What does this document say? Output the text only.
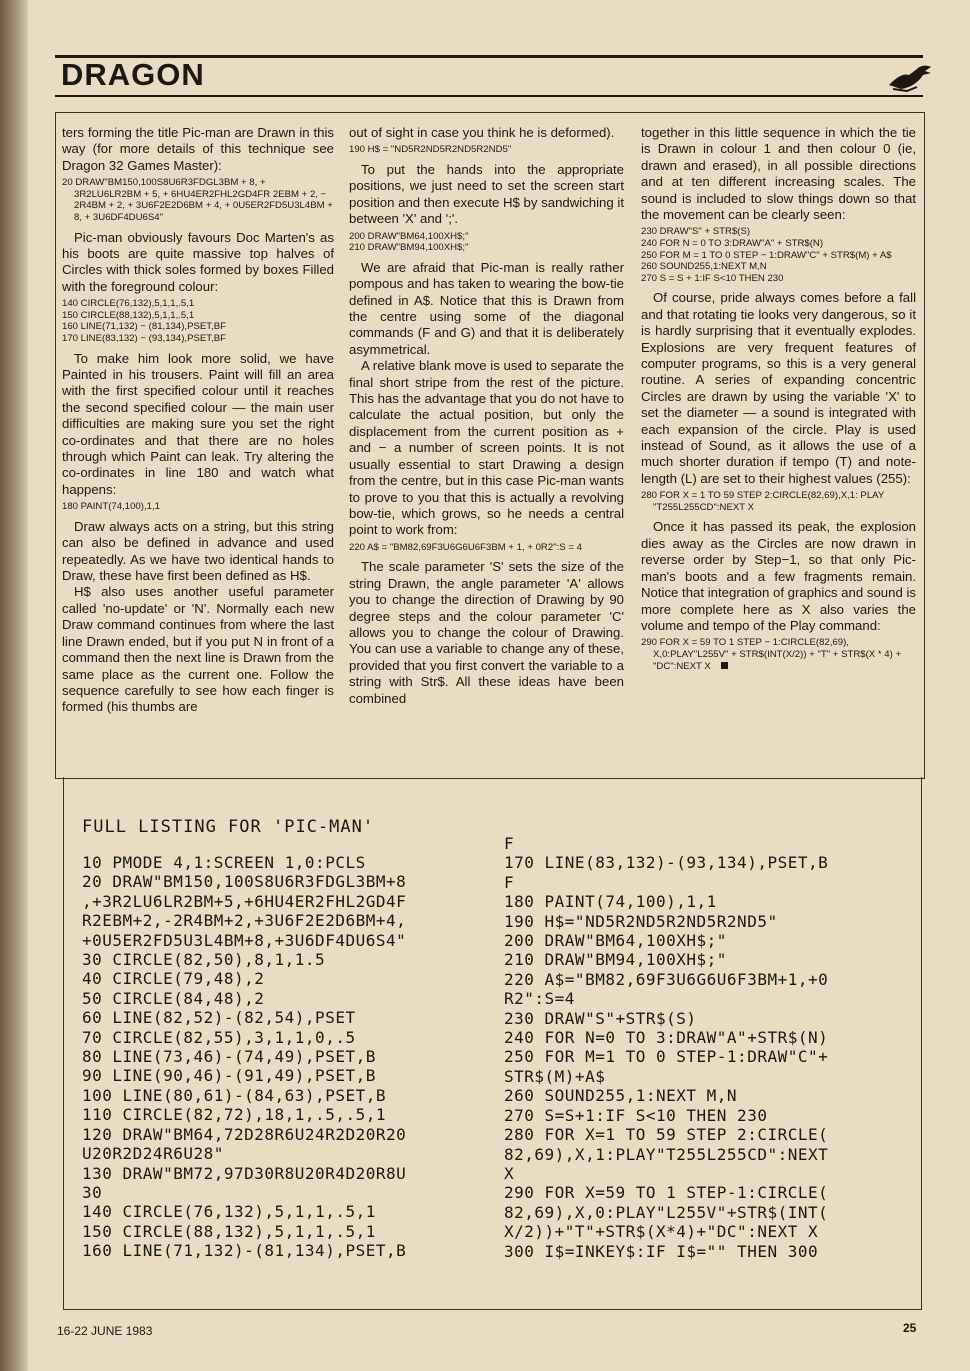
DRAGON

ters forming the title Pic-man are Drawn in this way (for more details of this technique see Dragon 32 Games Master):

20 DRAW"BM150,100S8U6R3FDGL3BM + 8, + 3R2LU6LR2BM + 5, + 6HU4ER2FHL2GD4FR 2EBM + 2, − 2R4BM + 2, + 3U6F2E2D6BM + 4, + 0U5ER2FD5U3L4BM + 8, + 3U6DF4DU6S4"

Pic-man obviously favours Doc Marten's as his boots are quite massive top halves of Circles with thick soles formed by boxes Filled with the foreground colour:

140 CIRCLE(76,132),5,1,1,.5,1
150 CIRCLE(88,132),5,1,1,.5,1
160 LINE(71,132) − (81,134),PSET,BF
170 LINE(83,132) − (93,134),PSET,BF

To make him look more solid, we have Painted in his trousers. Paint will fill an area with the first specified colour until it reaches the second specified colour — the main user difficulties are making sure you set the right co-ordinates and that there are no holes through which Paint can leak. Try altering the co-ordinates in line 180 and watch what happens:

180 PAINT(74,100),1,1

Draw always acts on a string, but this string can also be defined in advance and used repeatedly. As we have two identical hands to Draw, these have first been defined as H$.

H$ also uses another useful parameter called 'no-update' or 'N'. Normally each new Draw command continues from where the last line Drawn ended, but if you put N in front of a command then the next line is Drawn from the same place as the current one. Follow the sequence carefully to see how each finger is formed (his thumbs are

out of sight in case you think he is deformed).

190 H$ = "ND5R2ND5R2ND5R2ND5"

To put the hands into the appropriate positions, we just need to set the screen start position and then execute H$ by sandwiching it between 'X' and ';'.

200 DRAW"BM64,100XH$;"
210 DRAW"BM94,100XH$;"

We are afraid that Pic-man is really rather pompous and has taken to wearing the bow-tie defined in A$. Notice that this is Drawn from the centre using some of the diagonal commands (F and G) and that it is deliberately asymmetrical.

A relative blank move is used to separate the final short stripe from the rest of the picture. This has the advantage that you do not have to calculate the actual position, but only the displacement from the current position as + and − a number of screen points. It is not usually essential to start Drawing a design from the centre, but in this case Pic-man wants to prove to you that this is actually a revolving bow-tie, which grows, so he needs a central point to work from:

220 A$ = "BM82,69F3U6G6U6F3BM + 1, + 0R2":S = 4

The scale parameter 'S' sets the size of the string Drawn, the angle parameter 'A' allows you to change the direction of Drawing by 90 degree steps and the colour parameter 'C' allows you to change the colour of Drawing. You can use a variable to change any of these, provided that you first convert the variable to a string with Str$. All these ideas have been combined

together in this little sequence in which the tie is Drawn in colour 1 and then colour 0 (ie, drawn and erased), in all possible directions and at ten different increasing scales. The sound is included to slow things down so that the movement can be clearly seen:

230 DRAW"S" + STR$(S)
240 FOR N = 0 TO 3:DRAW"A" + STR$(N)
250 FOR M = 1 TO 0 STEP − 1:DRAW"C" + STR$(M) + A$
260 SOUND255,1:NEXT M,N
270 S = S + 1:IF S<10 THEN 230

Of course, pride always comes before a fall and that rotating tie looks very dangerous, so it is hardly surprising that it eventually explodes. Explosions are very frequent features of computer programs, so this is a very general routine. A series of expanding concentric Circles are drawn by using the variable 'X' to set the diameter — a sound is integrated with each expansion of the circle. Play is used instead of Sound, as it allows the use of a much shorter duration if tempo (T) and note-length (L) are set to their highest values (255):

280 FOR X = 1 TO 59 STEP 2:CIRCLE(82,69),X,1: PLAY "T255L255CD":NEXT X

Once it has passed its peak, the explosion dies away as the Circles are now drawn in reverse order by Step−1, so that only Pic-man's boots and a few fragments remain. Notice that integration of graphics and sound is more complete here as X also varies the volume and tempo of the Play command:

290 FOR X = 59 TO 1 STEP − 1:CIRCLE(82,69), X,0:PLAY"L255V" + STR$(INT(X/2)) + "T" + STR$(X * 4) + "DC":NEXT X
FULL LISTING FOR 'PIC-MAN'
10 PMODE 4,1:SCREEN 1,0:PCLS
20 DRAW"BM150,100S8U6R3FDGL3BM+8
,+3R2LU6LR2BM+5,+6HU4ER2FHL2GD4F
R2EBM+2,-2R4BM+2,+3U6F2E2D6BM+4,
+0U5ER2FD5U3L4BM+8,+3U6DF4DU6S4"
30 CIRCLE(82,50),8,1,1.5
40 CIRCLE(79,48),2
50 CIRCLE(84,48),2
60 LINE(82,52)-(82,54),PSET
70 CIRCLE(82,55),3,1,1,0,.5
80 LINE(73,46)-(74,49),PSET,B
90 LINE(90,46)-(91,49),PSET,B
100 LINE(80,61)-(84,63),PSET,B
110 CIRCLE(82,72),18,1,.5,.5,1
120 DRAW"BM64,72D28R6U24R2D20R20
U20R2D24R6U28"
130 DRAW"BM72,97D30R8U20R4D20R8U
30
140 CIRCLE(76,132),5,1,1,.5,1
150 CIRCLE(88,132),5,1,1,.5,1
160 LINE(71,132)-(81,134),PSET,B
F
170 LINE(83,132)-(93,134),PSET,B
F
180 PAINT(74,100),1,1
190 H$="ND5R2ND5R2ND5R2ND5"
200 DRAW"BM64,100XH$;"
210 DRAW"BM94,100XH$;"
220 A$="BM82,69F3U6G6U6F3BM+1,+0
R2":S=4
230 DRAW"S"+STR$(S)
240 FOR N=0 TO 3:DRAW"A"+STR$(N)
250 FOR M=1 TO 0 STEP-1:DRAW"C"+
STR$(M)+A$
260 SOUND255,1:NEXT M,N
270 S=S+1:IF S<10 THEN 230
280 FOR X=1 TO 59 STEP 2:CIRCLE(
82,69),X,1:PLAY"T255L255CD":NEXT
X
290 FOR X=59 TO 1 STEP-1:CIRCLE(
82,69),X,0:PLAY"L255V"+STR$(INT(
X/2))+"T"+STR$(X*4)+"DC":NEXT X
300 I$=INKEY$:IF I$="" THEN 300
16-22 JUNE 1983	25
